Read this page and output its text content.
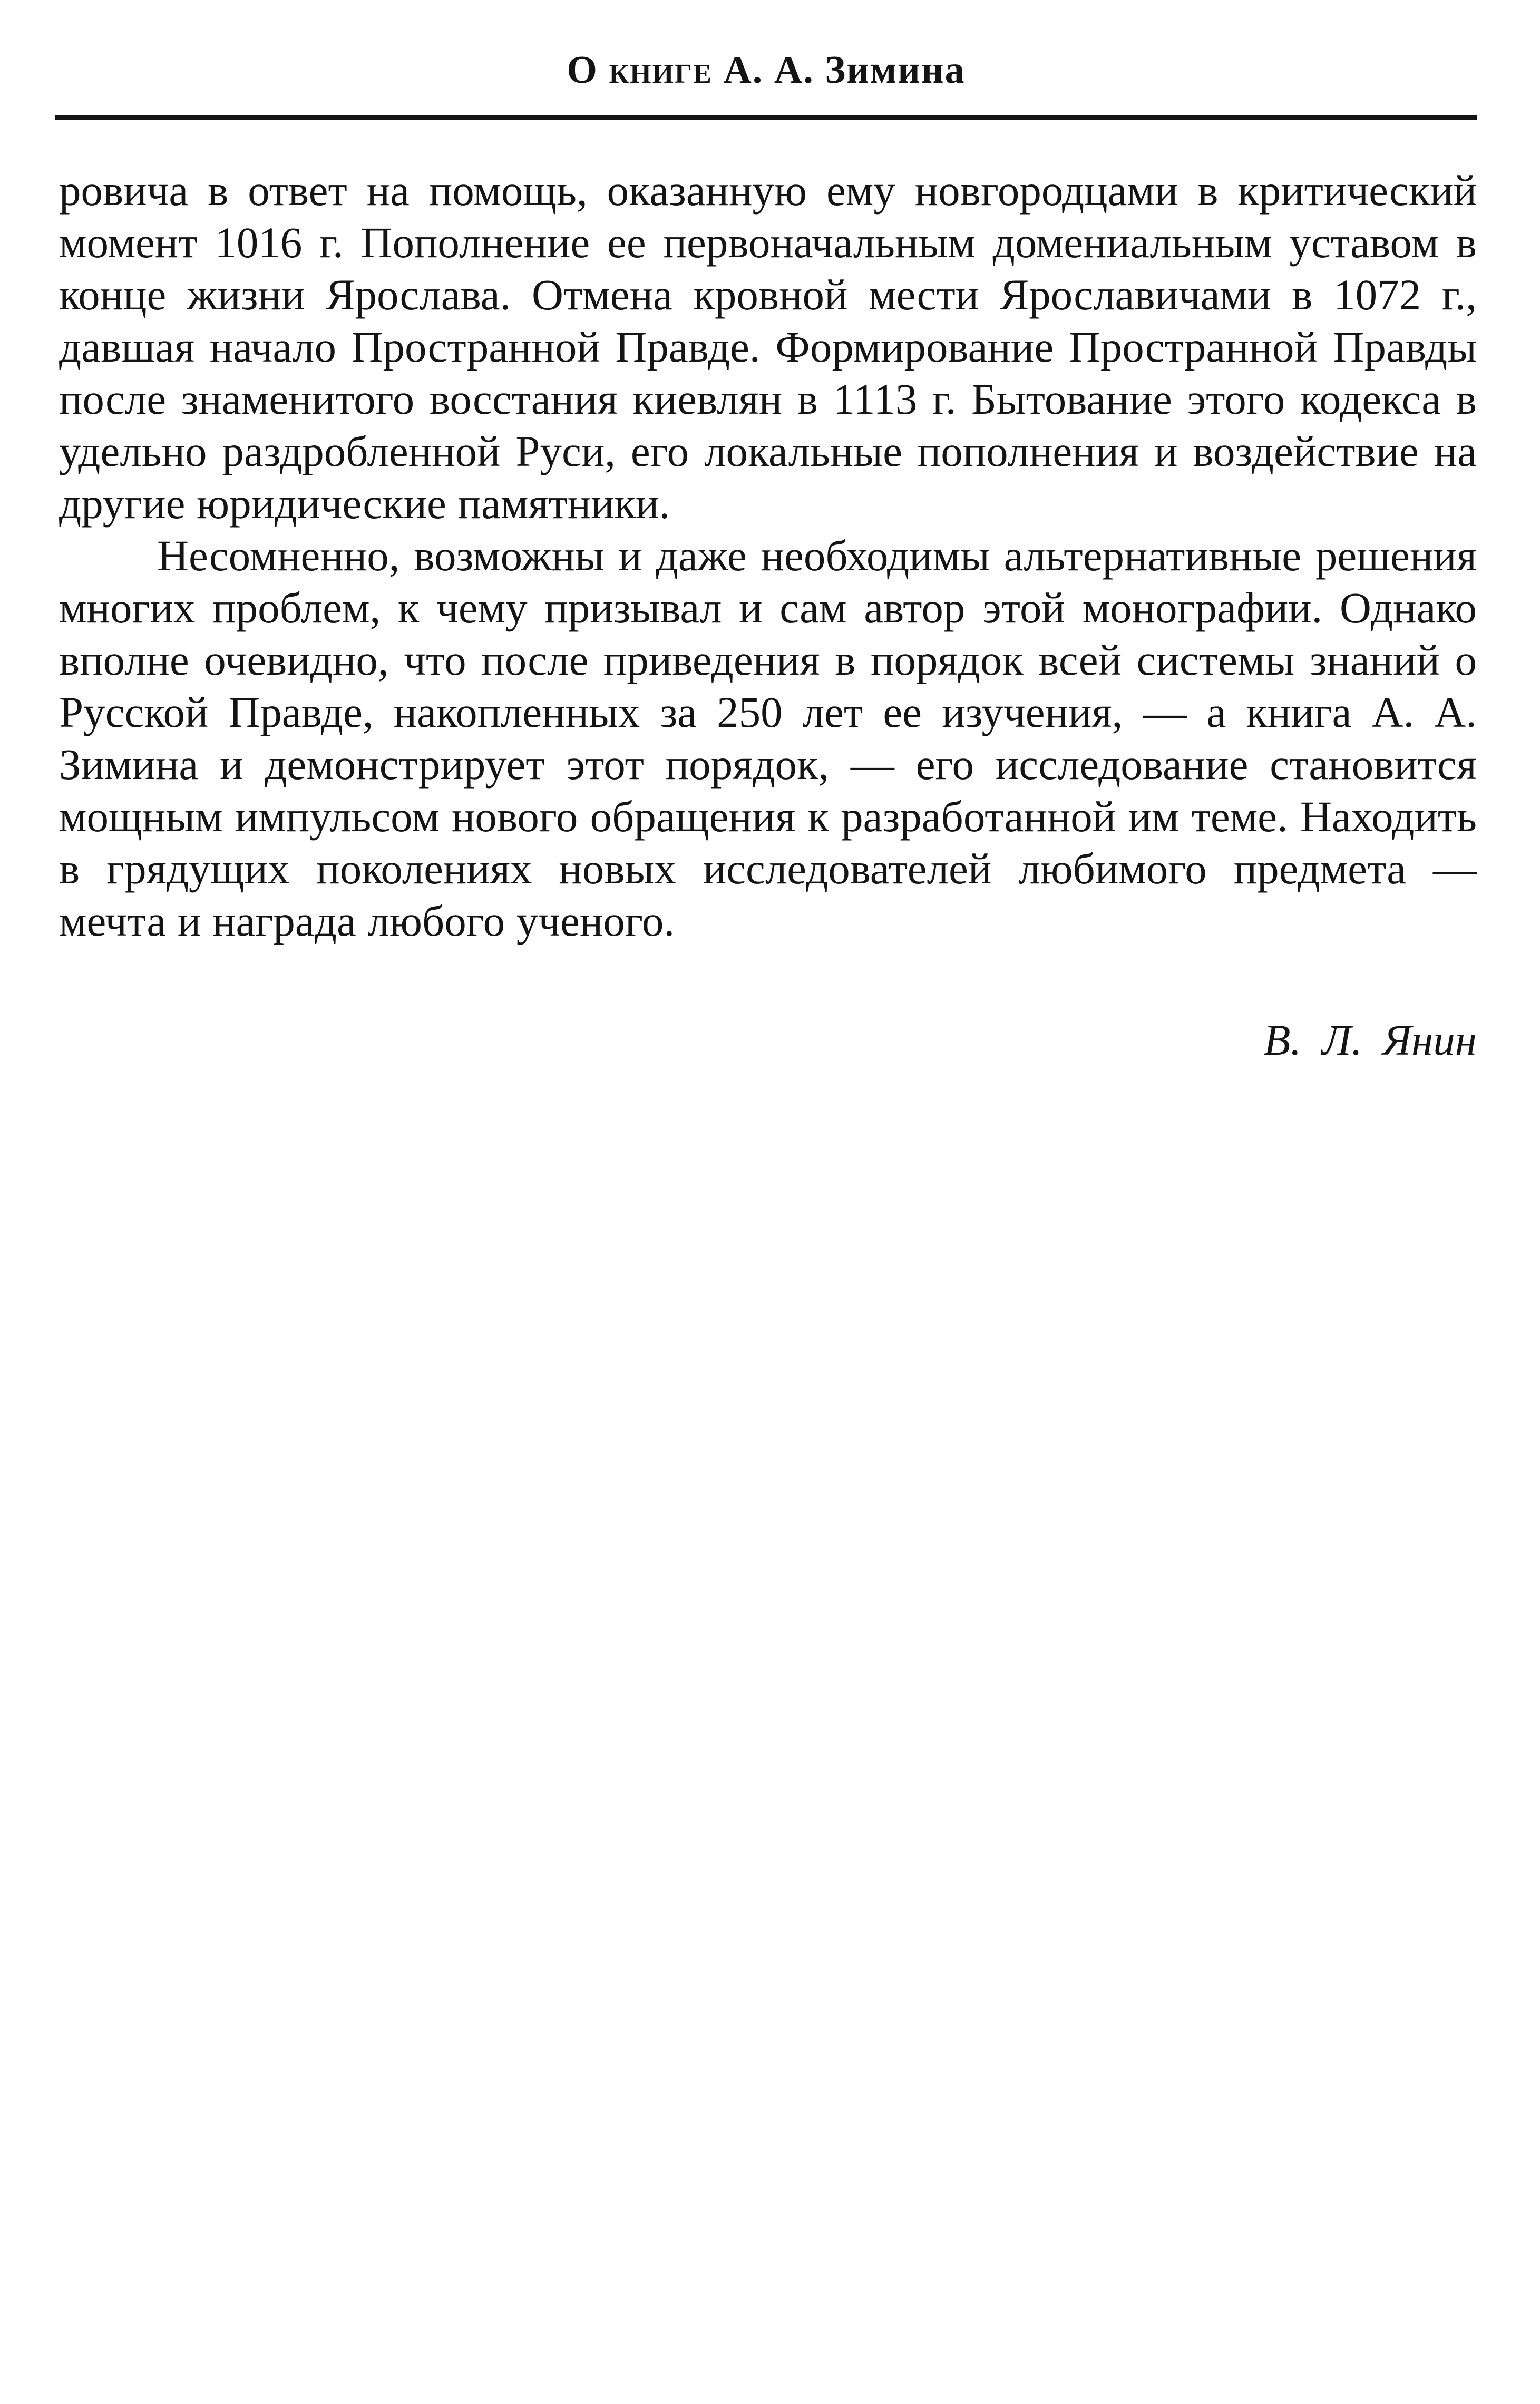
О книге А. А. Зимина

ровича в ответ на помощь, оказанную ему новгородцами в критический момент 1016 г. Пополнение ее первоначальным домениальным уставом в конце жизни Ярослава. Отмена кровной мести Ярославичами в 1072 г., давшая начало Пространной Правде. Формирование Пространной Правды после знаменитого восстания киевлян в 1113 г. Бытование этого кодекса в удельно раздробленной Руси, его локальные пополнения и воздействие на другие юридические памятники.

Несомненно, возможны и даже необходимы альтернативные решения многих проблем, к чему призывал и сам автор этой монографии. Однако вполне очевидно, что после приведения в порядок всей системы знаний о Русской Правде, накопленных за 250 лет ее изучения, — а книга А. А. Зимина и демонстрирует этот порядок, — его исследование становится мощным импульсом нового обращения к разработанной им теме. Находить в грядущих поколениях новых исследователей любимого предмета — мечта и награда любого ученого.

В. Л. Янин
